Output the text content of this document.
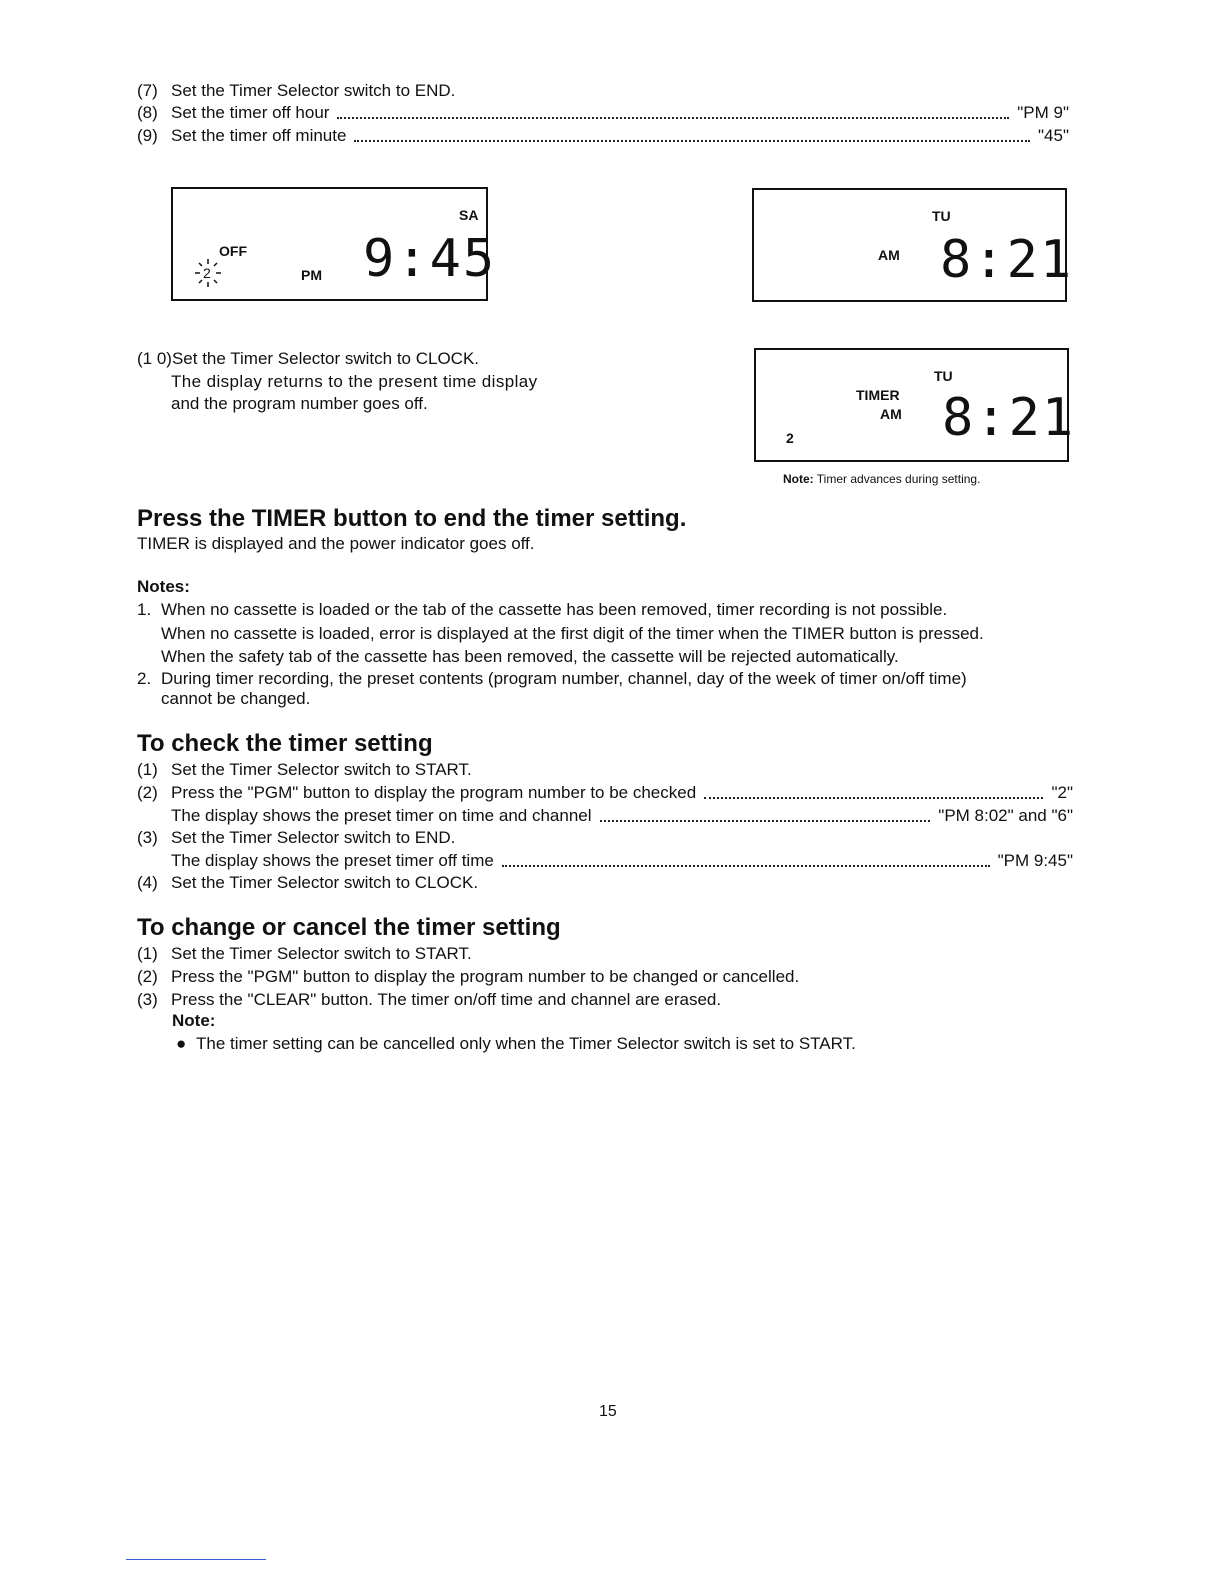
(7) Set the Timer Selector switch to END.
(8) Set the timer off hour	"PM 9"
(9) Set the timer off minute	"45"
SA
OFF
2	PM 9:45
TU
AM 8:21
(1 0)Set the Timer Selector switch to CLOCK.
The display returns to the present time display
and the program number goes off.
TU
TIMER
AM
2	8:21
Note: Timer advances during setting.
Press the TIMER button to end the timer setting.
TIMER is displayed and the power indicator goes off.
Notes:
1. When no cassette is loaded or the tab of the cassette has been removed, timer recording is not possible.
When no cassette is loaded, error is displayed at the first digit of the timer when the TIMER button is pressed.
When the safety tab of the cassette has been removed, the cassette will be rejected automatically.
2. During timer recording, the preset contents (program number, channel, day of the week of timer on/off time)
cannot be changed.
To check the timer setting
(1) Set the Timer Selector switch to START.
(2) Press the "PGM" button to display the program number to be checked	"2"
The display shows the preset timer on time and channel	"PM 8:02" and "6"
(3) Set the Timer Selector switch to END.
The display shows the preset timer off time	"PM 9:45"
(4) Set the Timer Selector switch to CLOCK.
To change or cancel the timer setting
(1) Set the Timer Selector switch to START.
(2) Press the "PGM" button to display the program number to be changed or cancelled.
(3) Press the "CLEAR" button. The timer on/off time and channel are erased.
Note:
● The timer setting can be cancelled only when the Timer Selector switch is set to START.
15
